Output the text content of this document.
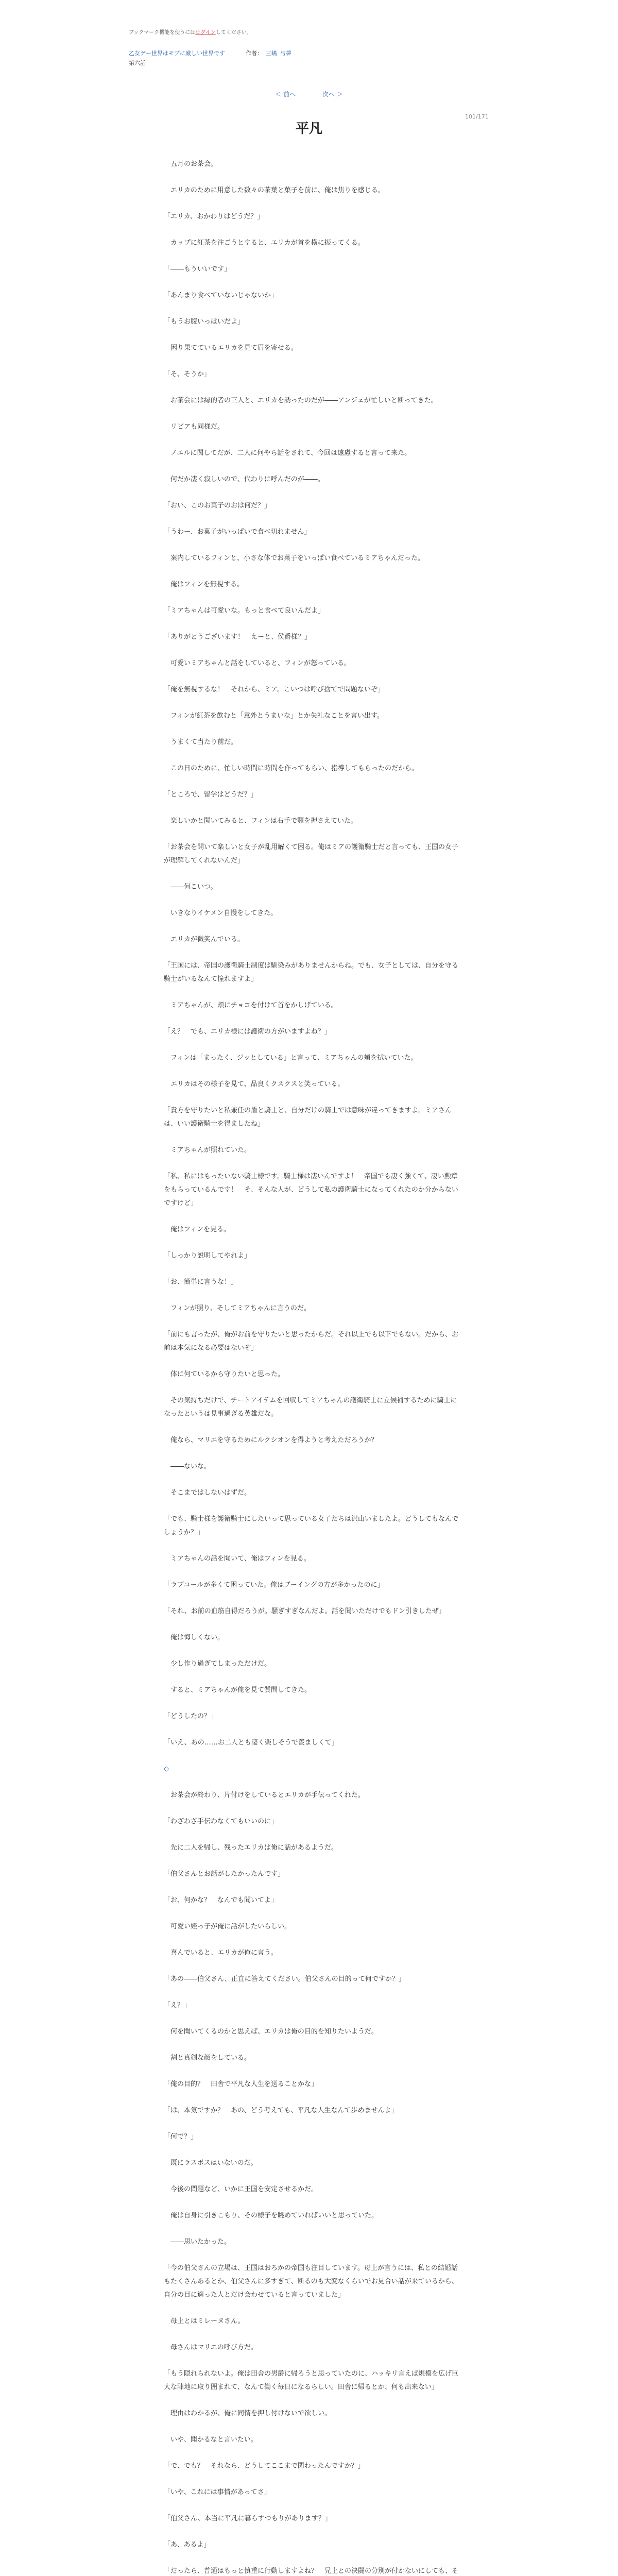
ブックマーク機能を使うにはログインしてください。
乙女ゲー世界はモブに厳しい世界です	作者： 三嶋 与夢
第六話
＜ 前へ	次へ ＞
101/171
平凡

　五月のお茶会。

　エリカのために用意した数々の茶葉と菓子を前に、俺は焦りを感じる。

「エリカ、おかわりはどうだ？」

　カップに紅茶を注ごうとすると、エリカが首を横に振ってくる。

「――もういいです」

「あんまり食べていないじゃないか」

「もうお腹いっぱいだよ」

　困り果てているエリカを見て眉を寄せる。

「そ、そうか」

　お茶会には縁的者の三人と、エリカを誘ったのだが――アンジェが忙しいと断ってきた。

　リビアも同様だ。

　ノエルに関してだが、二人に何やら話をされて、今回は遠慮すると言って来た。

　何だか凄く寂しいので、代わりに呼んだのが――。

「おい、このお菓子のおは何だ？」

「うわー、お菓子がいっぱいで食べ切れません」

　案内しているフィンと、小さな体でお菓子をいっぱい食べているミアちゃんだった。

　俺はフィンを無視する。

「ミアちゃんは可愛いな。もっと食べて良いんだよ」

「ありがとうございます！　えーと、侯爵様？」

　可愛いミアちゃんと話をしていると、フィンが怒っている。

「俺を無視するな！　それから、ミア。こいつは呼び捨てで問題ないぞ」

　フィンが紅茶を飲むと「意外とうまいな」とか失礼なことを言い出す。

　うまくて当たり前だ。

　この日のために、忙しい時間に時間を作ってもらい、指導してもらったのだから。

「ところで、留学はどうだ？」

　楽しいかと聞いてみると、フィンは右手で顎を押さえていた。

「お茶会を開いて楽しいと女子が乱用解くて困る。俺はミアの護衛騎士だと言っても、王国の女子が理解してくれないんだ」

　――何こいつ。

　いきなりイケメン自慢をしてきた。

　エリカが微笑んでいる。

「王国には、帝国の護衛騎士制度は馴染みがありませんからね。でも、女子としては、自分を守る騎士がいるなんて憧れますよ」

　ミアちゃんが、頬にチョコを付けて首をかしげている。

「え？　でも、エリカ様には護衛の方がいますよね？」

　フィンは「まったく、ジッとしている」と言って、ミアちゃんの頬を拭いていた。

　エリカはその様子を見て、品良くクスクスと笑っている。

「貴方を守りたいと私兼任の盾と騎士と、自分だけの騎士では意味が違ってきますよ。ミアさんは、いい護衛騎士を得ましたね」

　ミアちゃんが照れていた。

「私、私にはもったいない騎士様です。騎士様は凄いんですよ！　帝国でも凄く強くて、凄い勲章をもらっているんです！　そ、そんな人が、どうして私の護衛騎士になってくれたのか分からないですけど」

　俺はフィンを見る。

「しっかり説明してやれよ」

「お、簡単に言うな！」

　フィンが照り、そしてミアちゃんに言うのだ。

「前にも言ったが、俺がお前を守りたいと思ったからだ。それ以上でも以下でもない。だから、お前は本気になる必要はないぞ」

　体に何ているから守りたいと思った。

　その気持ちだけで、チートアイテムを回収してミアちゃんの護衛騎士に立候補するために騎士になったというは見事過ぎる英雄だな。

　俺なら、マリエを守るためにルクシオンを得ようと考えただろうか？

　――ないな。

　そこまではしないはずだ。

「でも、騎士様を護衛騎士にしたいって思っている女子たちは沢山いましたよ。どうしてもなんでしょうか？」

　ミアちゃんの話を聞いて、俺はフィンを見る。

「ラブコールが多くて困っていた。俺はブーイングの方が多かったのに」

「それ、お前の血筋自得だろうが。騒ぎすぎなんだよ。話を聞いただけでもドン引きしたぜ」

　俺は悔しくない。

　少し作り過ぎてしまっただけだ。

　すると、ミアちゃんが俺を見て質問してきた。

「どうしたの？」

「いえ、あの……お二人とも凄く楽しそうで羨ましくて」

◇

　お茶会が終わり、片付けをしているとエリカが手伝ってくれた。

「わざわざ手伝わなくてもいいのに」

　先に二人を帰し、残ったエリカは俺に話があるようだ。

「伯父さんとお話がしたかったんです」

「お、何かな？　なんでも聞いてよ」

　可愛い姪っ子が俺に話がしたいらしい。

　喜んでいると、エリカが俺に言う。

「あの――伯父さん、正直に答えてください。伯父さんの目的って何ですか？」

「え？」

　何を聞いてくるのかと思えば、エリカは俺の目的を知りたいようだ。

　割と真剣な顔をしている。

「俺の目的？　田舎で平凡な人生を送ることかな」

「は、本気ですか？　あの、どう考えても、平凡な人生なんて歩めませんよ」

「何で？」

　既にラスボスはいないのだ。

　今後の問題など、いかに王国を安定させるかだ。

　俺は自身に引きこもり、その様子を眺めていればいいと思っていた。

　――思いたかった。

「今の伯父さんの立場は、王国はおろかの帝国も注目しています。母上が言うには、私との結婚話もたくさんあるとか、伯父さんに多すぎて、断るのも大変なくらいでお見合い話が来ているから、自分の目に適った人とだけ会わせていると言っていました」

　母上とはミレーヌさん。

　母さんはマリエの呼び方だ。

「もう隠れられないよ。俺は田舎の男爵に帰ろうと思っていたのに、ハッキリ言えば規模を広げ巨大な陣地に取り囲まれて、なんて働く毎日になるらしい。田舎に帰るとか、何も出来ない」

　理由はわかるが、俺に同情を押し付けないで欲しい。

　いや、聞かるなと言いたい。

「で、でも？　それなら、どうしてここまで関わったんですか？」

「いや、これには事情があってさ」

「伯父さん、本当に平凡に暮らすつもりがあります？」

「あ、あるよ」

「だったら、普通はもっと慎重に行動しますよね？　兄上との決闘の分別が付かないにしても、そ
